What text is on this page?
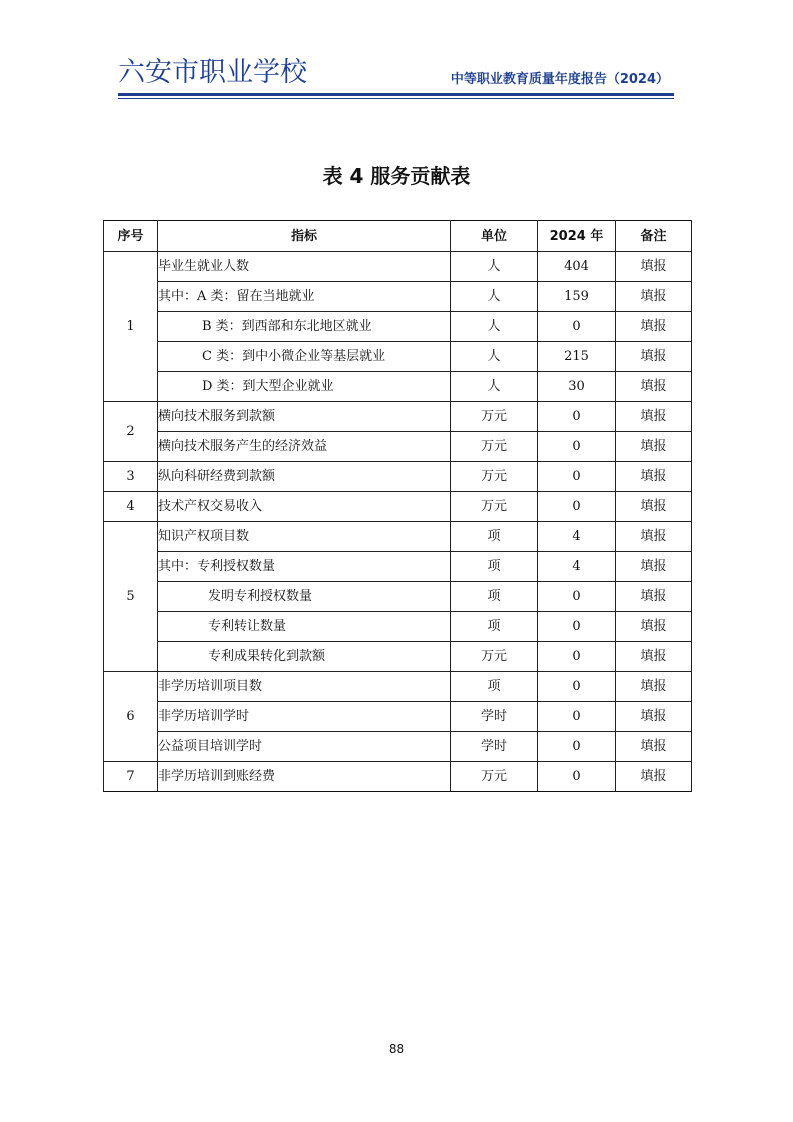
六安市职业学校	中等职业教育质量年度报告（2024）
表 4 服务贡献表
序号	指标	单位	2024 年	备注
1	毕业生就业人数	人	404	填报
	其中：A 类：留在当地就业	人	159	填报
	B 类：到西部和东北地区就业	人	0	填报
	C 类：到中小微企业等基层就业	人	215	填报
	D 类：到大型企业就业	人	30	填报
2	横向技术服务到款额	万元	0	填报
	横向技术服务产生的经济效益	万元	0	填报
3	纵向科研经费到款额	万元	0	填报
4	技术产权交易收入	万元	0	填报
5	知识产权项目数	项	4	填报
	其中：专利授权数量	项	4	填报
	发明专利授权数量	项	0	填报
	专利转让数量	项	0	填报
	专利成果转化到款额	万元	0	填报
6	非学历培训项目数	项	0	填报
	非学历培训学时	学时	0	填报
	公益项目培训学时	学时	0	填报
7	非学历培训到账经费	万元	0	填报
88
